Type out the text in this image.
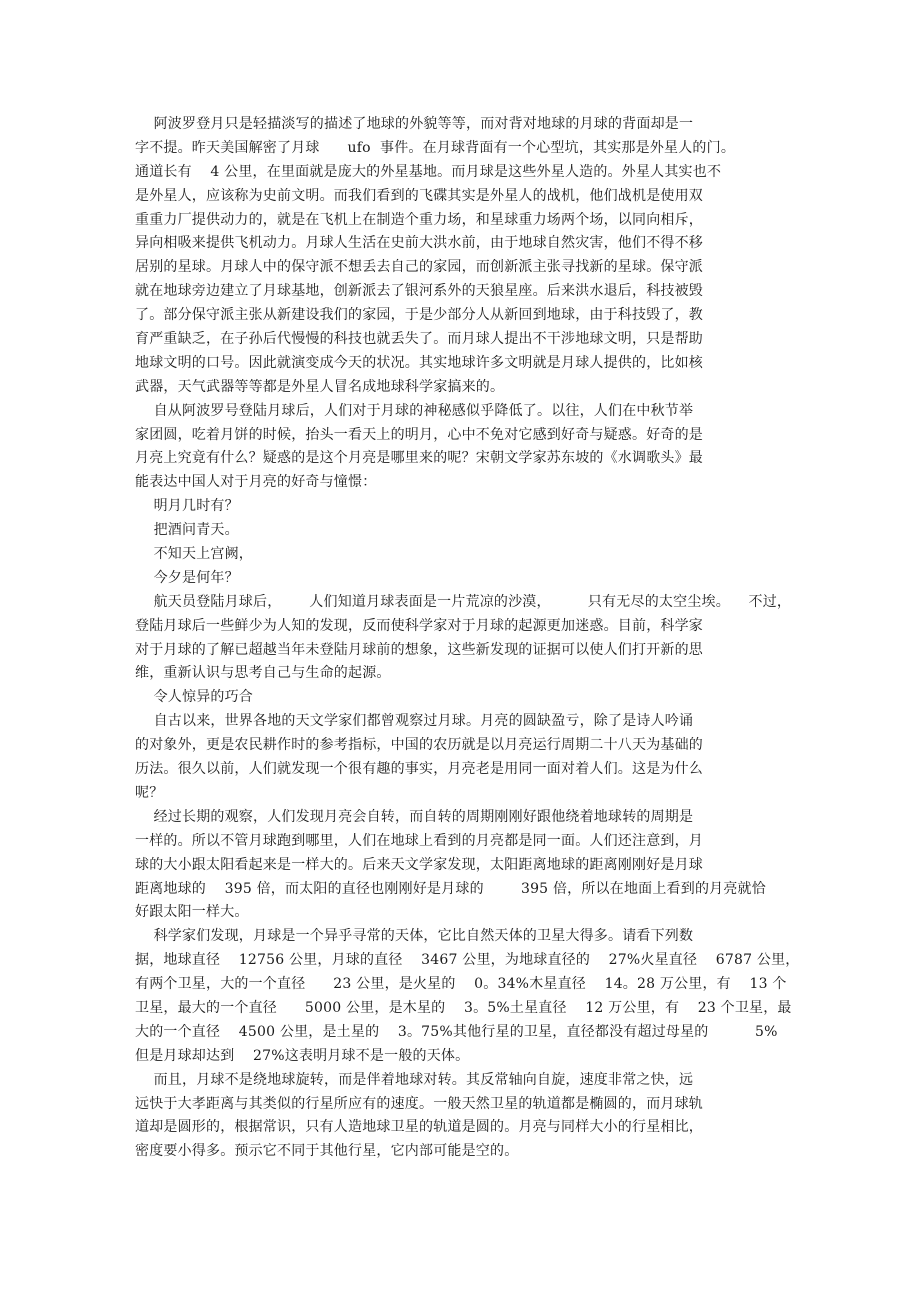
阿波罗登月只是轻描淡写的描述了地球的外貌等等，而对背对地球的月球的背面却是一
字不提。昨天美国解密了月球      ufo  事件。在月球背面有一个心型坑，其实那是外星人的门。
通道长有    4 公里，在里面就是庞大的外星基地。而月球是这些外星人造的。外星人其实也不
是外星人，应该称为史前文明。而我们看到的飞碟其实是外星人的战机，他们战机是使用双
重重力厂提供动力的，就是在飞机上在制造个重力场，和星球重力场两个场，以同向相斥，
异向相吸来提供飞机动力。月球人生活在史前大洪水前，由于地球自然灾害，他们不得不移
居别的星球。月球人中的保守派不想丢去自己的家园，而创新派主张寻找新的星球。保守派
就在地球旁边建立了月球基地，创新派去了银河系外的天狼星座。后来洪水退后，科技被毁
了。部分保守派主张从新建设我们的家园，于是少部分人从新回到地球，由于科技毁了，教
育严重缺乏，在子孙后代慢慢的科技也就丢失了。而月球人提出不干涉地球文明，只是帮助
地球文明的口号。因此就演变成今天的状况。其实地球许多文明就是月球人提供的，比如核
武器，天气武器等等都是外星人冒名成地球科学家搞来的。
自从阿波罗号登陆月球后，人们对于月球的神秘感似乎降低了。以往，人们在中秋节举
家团圆，吃着月饼的时候，抬头一看天上的明月，心中不免对它感到好奇与疑惑。好奇的是
月亮上究竟有什么？疑惑的是这个月亮是哪里来的呢？宋朝文学家苏东坡的《水调歌头》最
能表达中国人对于月亮的好奇与憧憬：
明月几时有？
把酒问青天。
不知天上宫阙，
今夕是何年？
航天员登陆月球后，      人们知道月球表面是一片荒凉的沙漠，        只有无尽的太空尘埃。    不过，
登陆月球后一些鲜少为人知的发现，反而使科学家对于月球的起源更加迷惑。目前，科学家
对于月球的了解已超越当年未登陆月球前的想象，这些新发现的证据可以使人们打开新的思
维，重新认识与思考自己与生命的起源。
令人惊异的巧合
自古以来，世界各地的天文学家们都曾观察过月球。月亮的圆缺盈亏，除了是诗人吟诵
的对象外，更是农民耕作时的参考指标，中国的农历就是以月亮运行周期二十八天为基础的
历法。很久以前，人们就发现一个很有趣的事实，月亮老是用同一面对着人们。这是为什么
呢？
经过长期的观察，人们发现月亮会自转，而自转的周期刚刚好跟他绕着地球转的周期是
一样的。所以不管月球跑到哪里，人们在地球上看到的月亮都是同一面。人们还注意到，月
球的大小跟太阳看起来是一样大的。后来天文学家发现，太阳距离地球的距离刚刚好是月球
距离地球的    395 倍，而太阳的直径也刚刚好是月球的        395 倍，所以在地面上看到的月亮就恰
好跟太阳一样大。
科学家们发现，月球是一个异乎寻常的天体，它比自然天体的卫星大得多。请看下列数
据，地球直径    12756 公里，月球的直径    3467 公里，为地球直径的    27%火星直径    6787 公里，
有两个卫星，大的一个直径      23 公里，是火星的    0。34%木星直径    14。28 万公里，有    13 个
卫星，最大的一个直径      5000 公里，是木星的    3。5%土星直径    12 万公里，有    23 个卫星，最
大的一个直径    4500 公里，是土星的    3。75%其他行星的卫星，直径都没有超过母星的          5%
但是月球却达到    27%这表明月球不是一般的天体。
而且，月球不是绕地球旋转，而是伴着地球对转。其反常轴向自旋，速度非常之快，远
远快于大孝距离与其类似的行星所应有的速度。一般天然卫星的轨道都是椭圆的，而月球轨
道却是圆形的，根据常识，只有人造地球卫星的轨道是圆的。月亮与同样大小的行星相比，
密度要小得多。预示它不同于其他行星，它内部可能是空的。
